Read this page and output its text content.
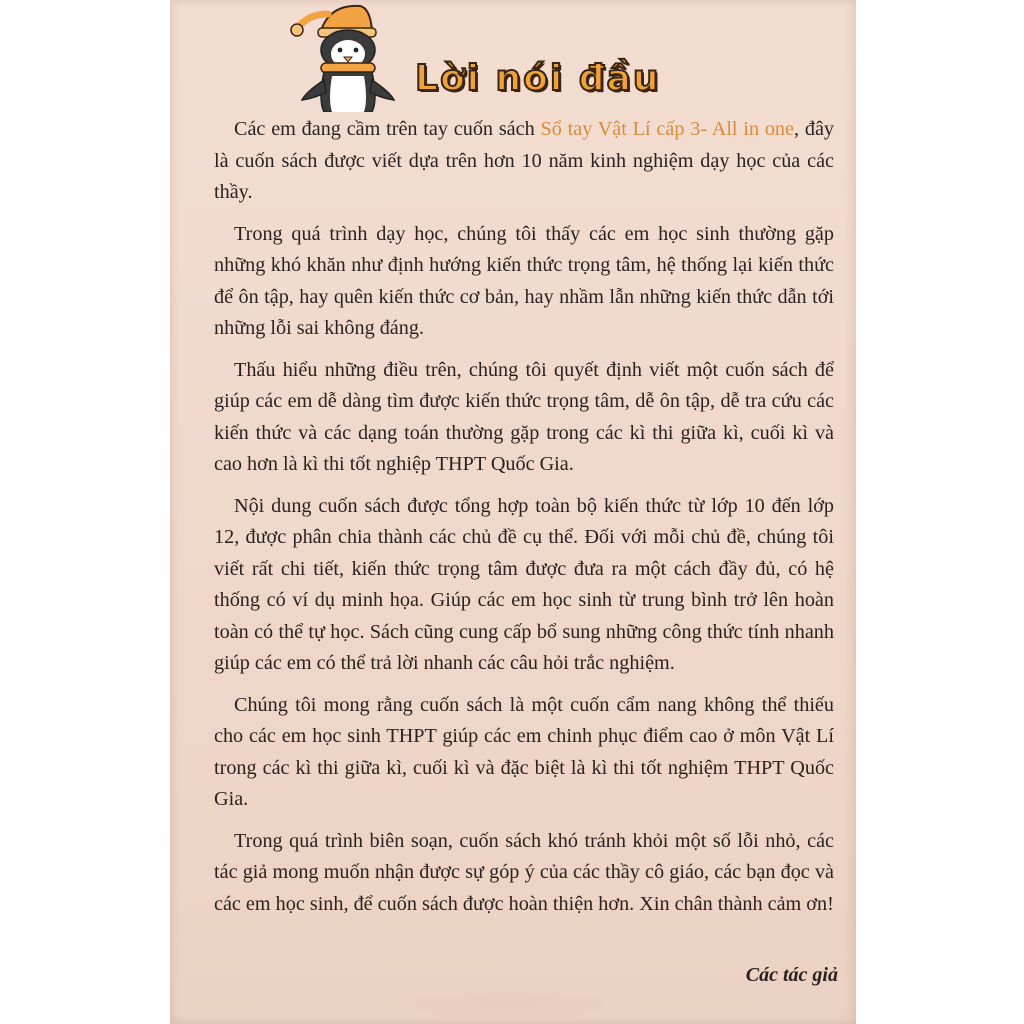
Lời nói đầu

Các em đang cầm trên tay cuốn sách Sổ tay Vật Lí cấp 3- All in one, đây là cuốn sách được viết dựa trên hơn 10 năm kinh nghiệm dạy học của các thầy.

Trong quá trình dạy học, chúng tôi thấy các em học sinh thường gặp những khó khăn như định hướng kiến thức trọng tâm, hệ thống lại kiến thức để ôn tập, hay quên kiến thức cơ bản, hay nhầm lẫn những kiến thức dẫn tới những lỗi sai không đáng.

Thấu hiểu những điều trên, chúng tôi quyết định viết một cuốn sách để giúp các em dễ dàng tìm được kiến thức trọng tâm, dễ ôn tập, dễ tra cứu các kiến thức và các dạng toán thường gặp trong các kì thi giữa kì, cuối kì và cao hơn là kì thi tốt nghiệp THPT Quốc Gia.

Nội dung cuốn sách được tổng hợp toàn bộ kiến thức từ lớp 10 đến lớp 12, được phân chia thành các chủ đề cụ thể. Đối với mỗi chủ đề, chúng tôi viết rất chi tiết, kiến thức trọng tâm được đưa ra một cách đầy đủ, có hệ thống có ví dụ minh họa. Giúp các em học sinh từ trung bình trở lên hoàn toàn có thể tự học. Sách cũng cung cấp bổ sung những công thức tính nhanh giúp các em có thể trả lời nhanh các câu hỏi trắc nghiệm.

Chúng tôi mong rằng cuốn sách là một cuốn cẩm nang không thể thiếu cho các em học sinh THPT giúp các em chinh phục điểm cao ở môn Vật Lí trong các kì thi giữa kì, cuối kì và đặc biệt là kì thi tốt nghiệm THPT Quốc Gia.

Trong quá trình biên soạn, cuốn sách khó tránh khỏi một số lỗi nhỏ, các tác giả mong muốn nhận được sự góp ý của các thầy cô giáo, các bạn đọc và các em học sinh, để cuốn sách được hoàn thiện hơn. Xin chân thành cảm ơn!

Các tác giả
